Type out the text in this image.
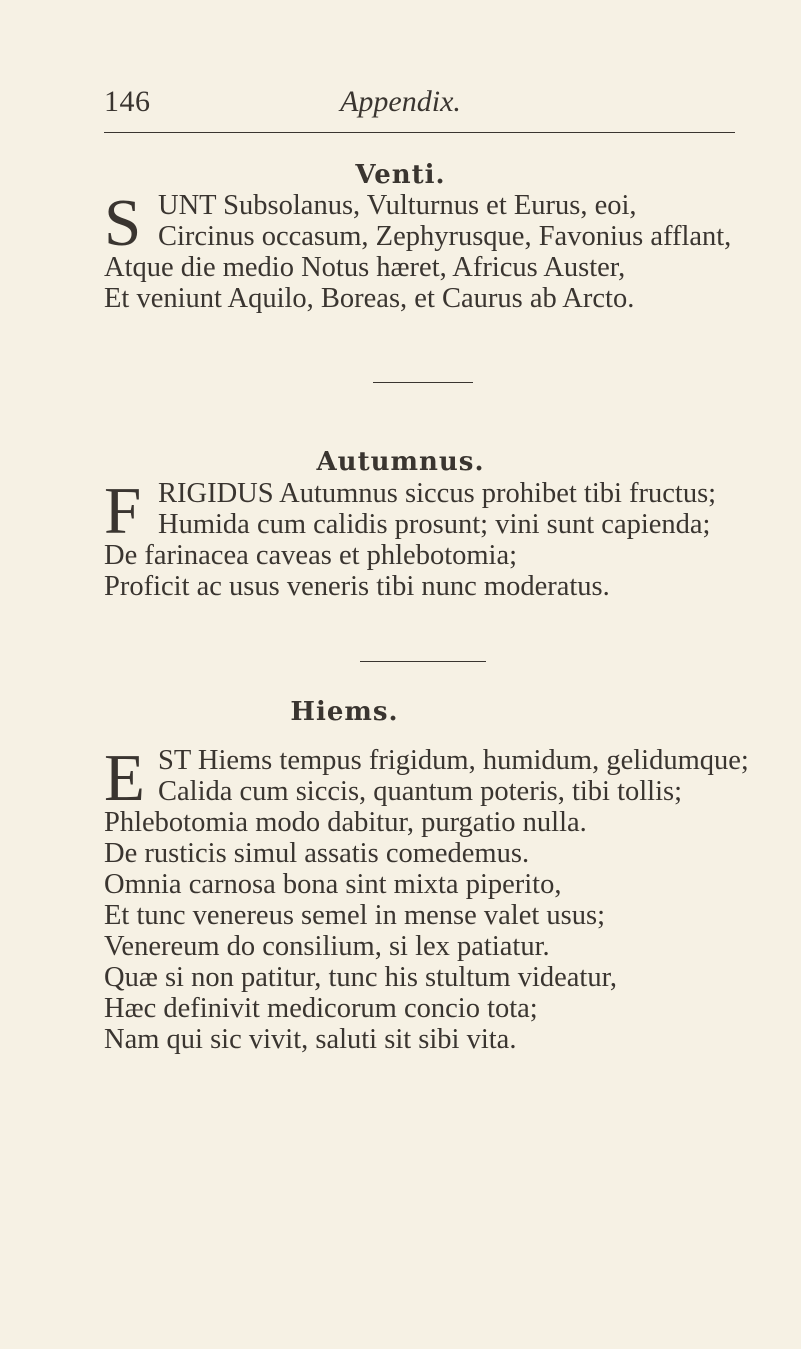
146	Appendix.
Venti.
S UNT Subsolanus, Vulturnus et Eurus, eoi,
Circinus occasum, Zephyrusque, Favonius afflant,
Atque die medio Notus hæret, Africus Auster,
Et veniunt Aquilo, Boreas, et Caurus ab Arcto.
Autumnus.
F RIGIDUS Autumnus siccus prohibet tibi fructus;
Humida cum calidis prosunt; vini sunt capienda;
De farinacea caveas et phlebotomia;
Proficit ac usus veneris tibi nunc moderatus.
Hiems.
E ST Hiems tempus frigidum, humidum, gelidumque;
Calida cum siccis, quantum poteris, tibi tollis;
Phlebotomia modo dabitur, purgatio nulla.
De rusticis simul assatis comedemus.
Omnia carnosa bona sint mixta piperito,
Et tunc venereus semel in mense valet usus;
Venereum do consilium, si lex patiatur.
Quæ si non patitur, tunc his stultum videatur,
Hæc definivit medicorum concio tota;
Nam qui sic vivit, saluti sit sibi vita.
